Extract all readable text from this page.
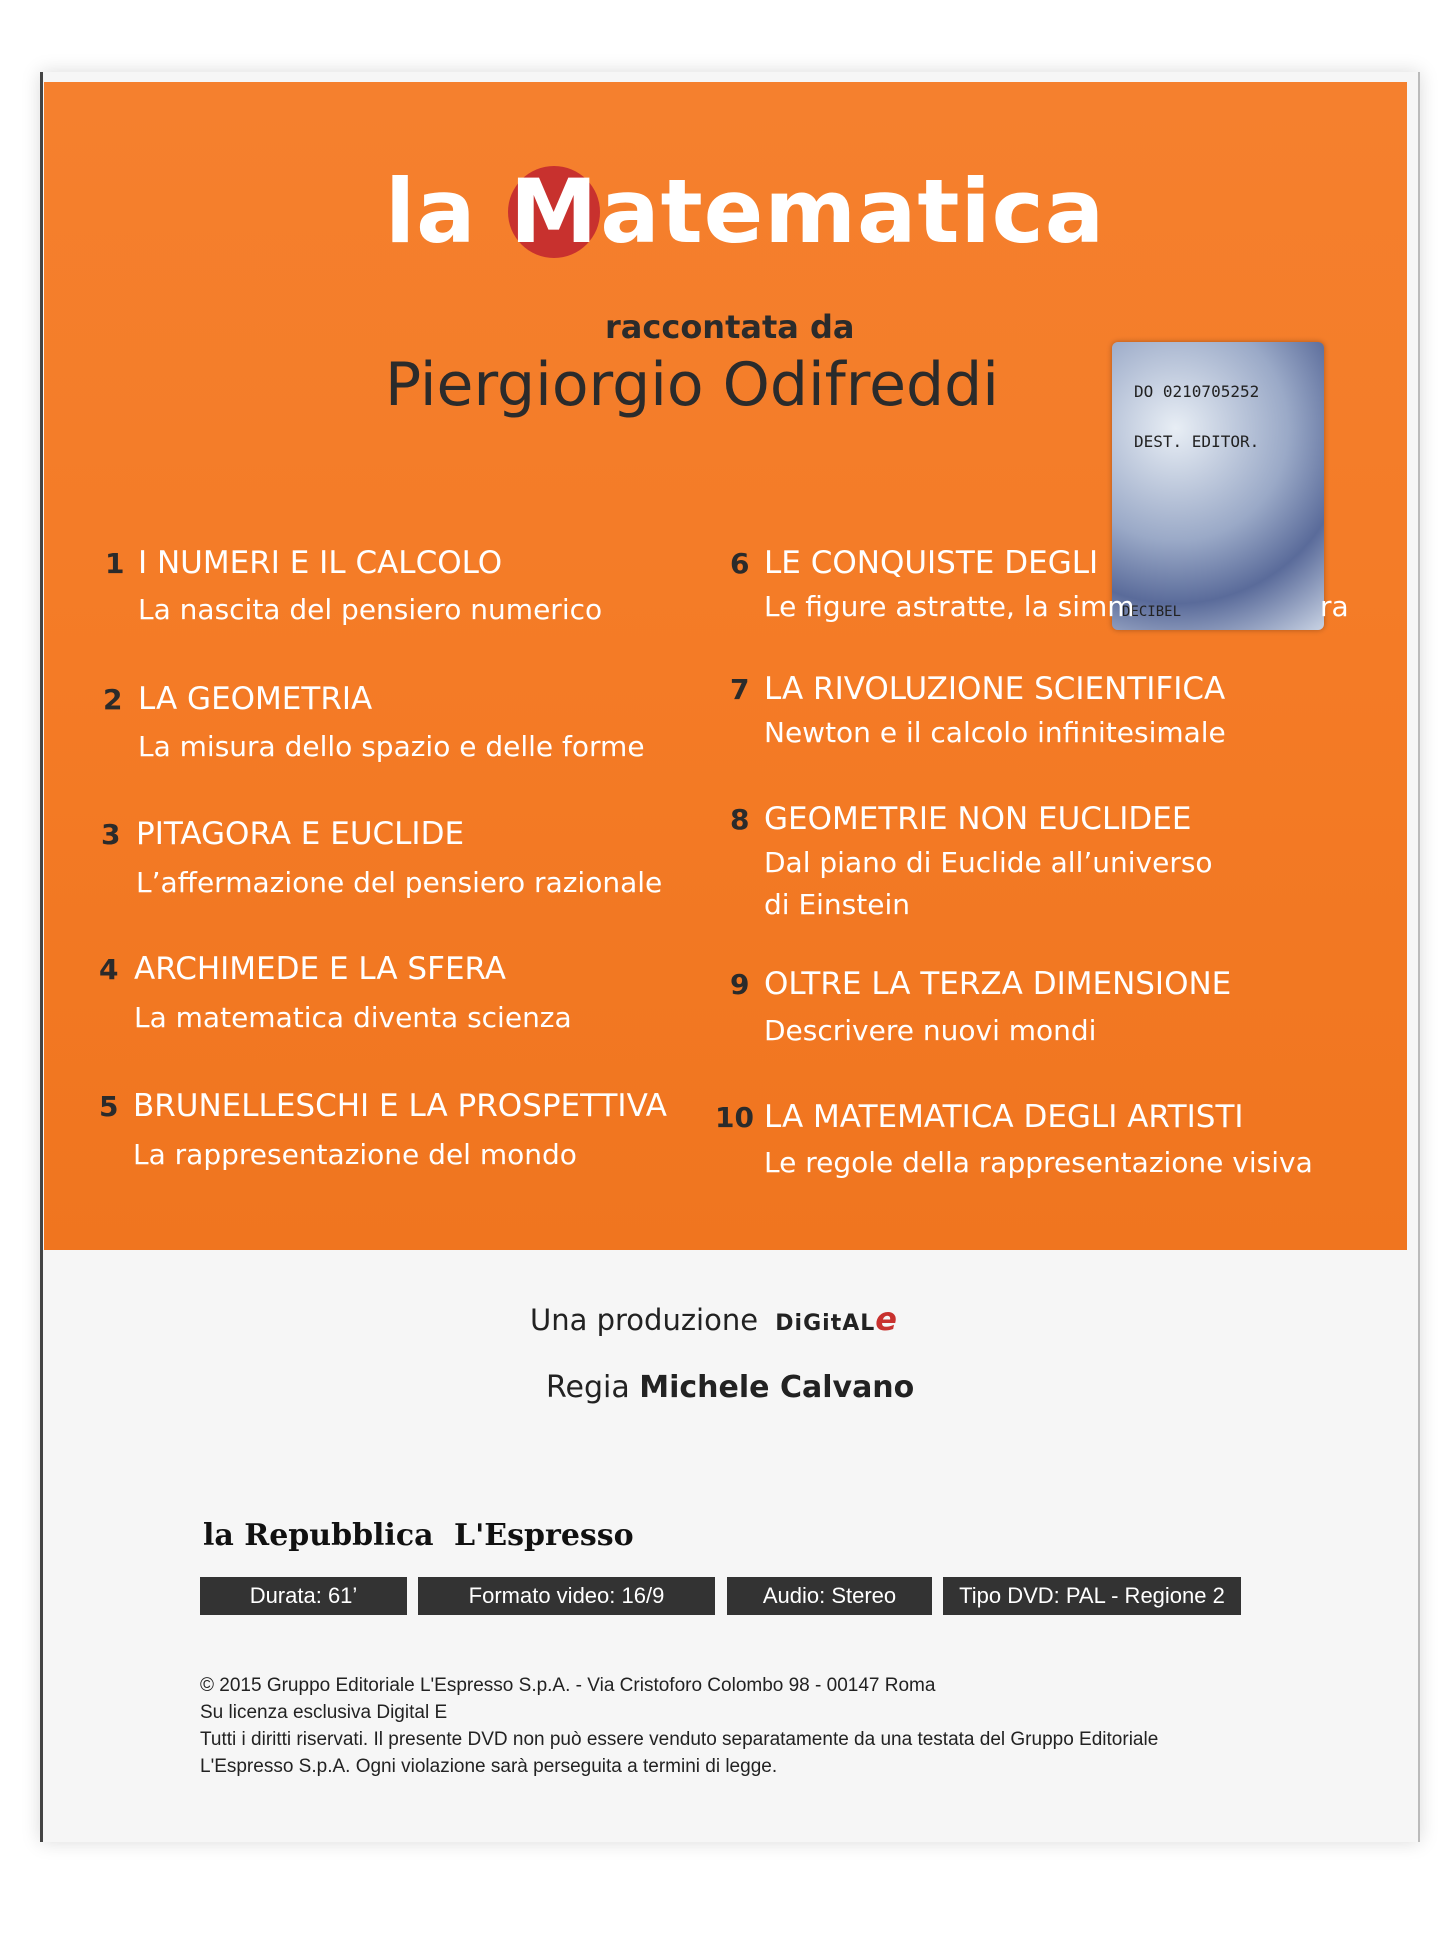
la Matematica
raccontata da
Piergiorgio Odifreddi	DO 0210705252
DEST. EDITOR.
DECIBEL
1 I NUMERI E IL CALCOLO
La nascita del pensiero numerico
2 LA GEOMETRIA
La misura dello spazio e delle forme
3 PITAGORA E EUCLIDE
L’affermazione del pensiero razionale
4 ARCHIMEDE E LA SFERA
La matematica diventa scienza
5 BRUNELLESCHI E LA PROSPETTIVA
La rappresentazione del mondo
6 LE CONQUISTE DEGLI
Le figure astratte, la simm	ra
7 LA RIVOLUZIONE SCIENTIFICA
Newton e il calcolo infinitesimale
8 GEOMETRIE NON EUCLIDEE
Dal piano di Euclide all’universo
di Einstein
9 OLTRE LA TERZA DIMENSIONE
Descrivere nuovi mondi
10 LA MATEMATICA DEGLI ARTISTI
Le regole della rappresentazione visiva
Una produzione DiGitALe
Regia Michele Calvano
la Repubblica L'Espresso
Durata: 61’	Formato video: 16/9	Audio: Stereo	Tipo DVD: PAL - Regione 2
© 2015 Gruppo Editoriale L'Espresso S.p.A. - Via Cristoforo Colombo 98 - 00147 Roma
Su licenza esclusiva Digital E
Tutti i diritti riservati. Il presente DVD non può essere venduto separatamente da una testata del Gruppo Editoriale
L'Espresso S.p.A. Ogni violazione sarà perseguita a termini di legge.
